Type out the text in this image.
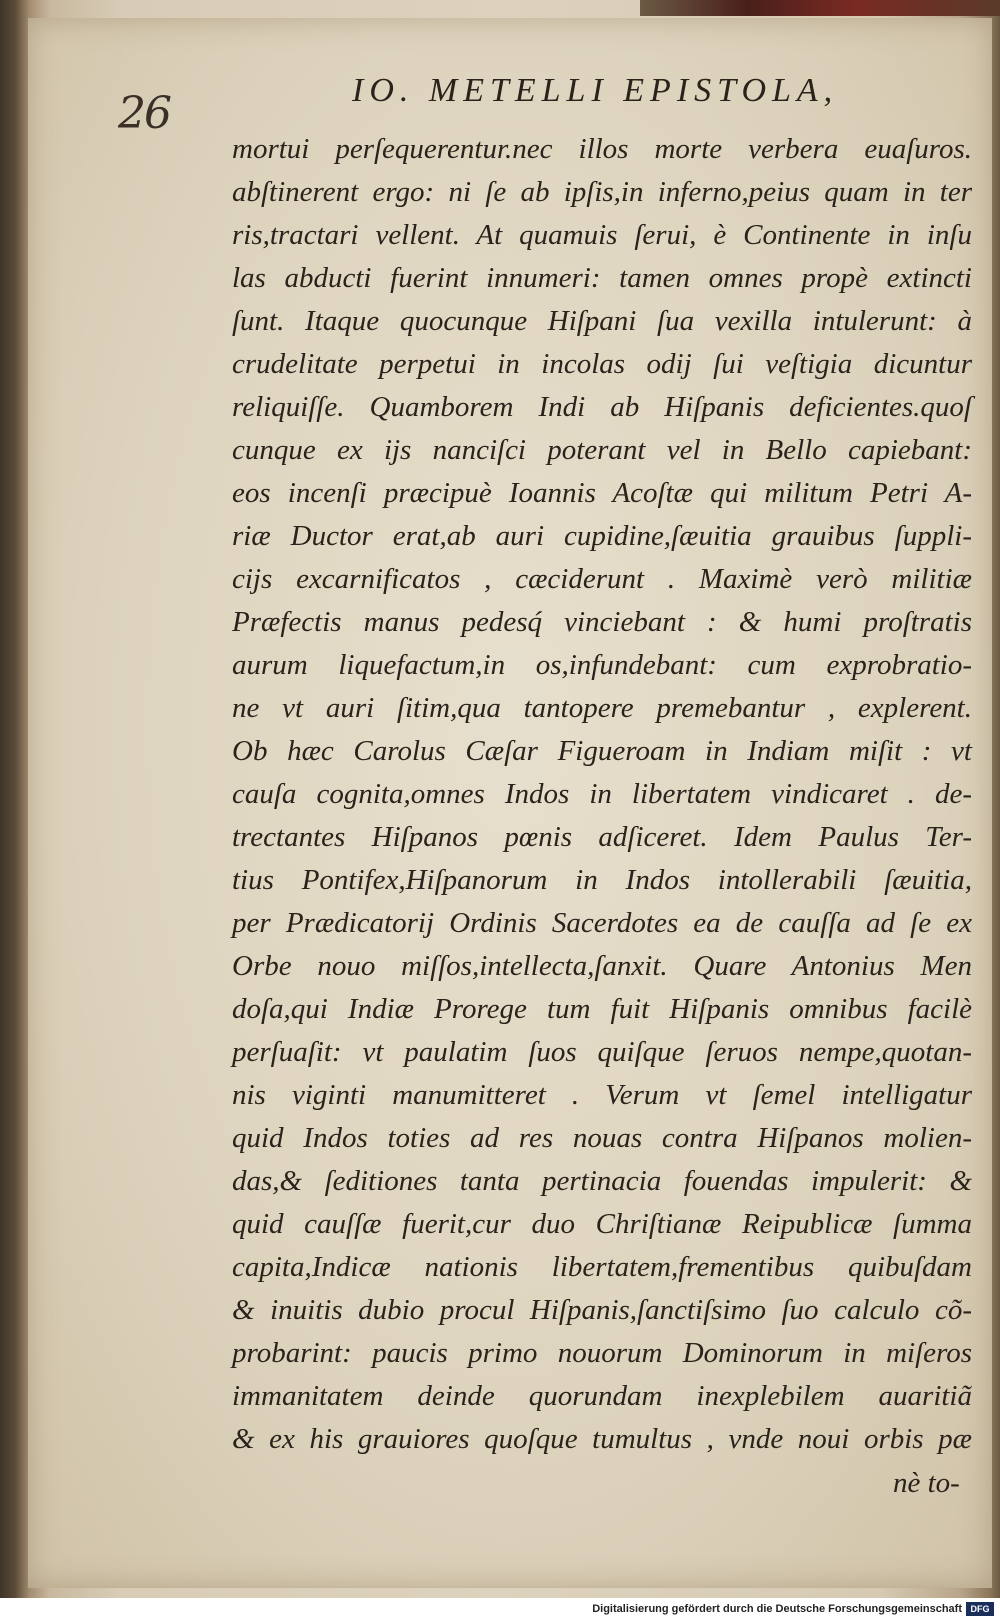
26	IO. METELLI EPISTOLA,
mortui perſequerentur.nec illos morte verbera euaſuros.
abſtinerent ergo: ni ſe ab ipſis,in inferno,peius quam in ter
ris,tractari vellent. At quamuis ſerui, è Continente in inſu
las abducti fuerint innumeri: tamen omnes propè extincti
ſunt. Itaque quocunque Hiſpani ſua vexilla intulerunt: à
crudelitate perpetui in incolas odij ſui veſtigia dicuntur
reliquiſſe. Quamborem Indi ab Hiſpanis deficientes.quoſ
cunque ex ijs nanciſci poterant vel in Bello capiebant:
eos incenſi præcipuè Ioannis Acoſtæ qui militum Petri A-
riæ Ductor erat,ab auri cupidine,ſæuitia grauibus ſuppli-
cijs excarnificatos , cæciderunt . Maximè verò militiæ
Præfectis manus pedesq́ vinciebant : & humi proſtratis
aurum liquefactum,in os,infundebant: cum exprobratio-
ne vt auri ſitim,qua tantopere premebantur , explerent.
Ob hæc Carolus Cæſar Figueroam in Indiam miſit : vt
cauſa cognita,omnes Indos in libertatem vindicaret . de-
trectantes Hiſpanos pœnis adſiceret. Idem Paulus Ter-
tius Pontifex,Hiſpanorum in Indos intollerabili ſæuitia,
per Prædicatorij Ordinis Sacerdotes ea de cauſſa ad ſe ex
Orbe nouo miſſos,intellecta,ſanxit. Quare Antonius Men
doſa,qui Indiæ Prorege tum fuit Hiſpanis omnibus facilè
perſuaſit: vt paulatim ſuos quiſque ſeruos nempe,quotan-
nis viginti manumitteret . Verum vt ſemel intelligatur
quid Indos toties ad res nouas contra Hiſpanos molien-
das,& ſeditiones tanta pertinacia fouendas impulerit: &
quid cauſſæ fuerit,cur duo Chriſtianæ Reipublicæ ſumma
capita,Indicæ nationis libertatem,frementibus quibuſdam
& inuitis dubio procul Hiſpanis,ſanctiſsimo ſuo calculo cõ-
probarint: paucis primo nouorum Dominorum in miſeros
immanitatem deinde quorundam inexplebilem auaritiã
& ex his grauiores quoſque tumultus , vnde noui orbis pæ
nè to-
Digitalisierung gefördert durch die Deutsche Forschungsgemeinschaft DFG
